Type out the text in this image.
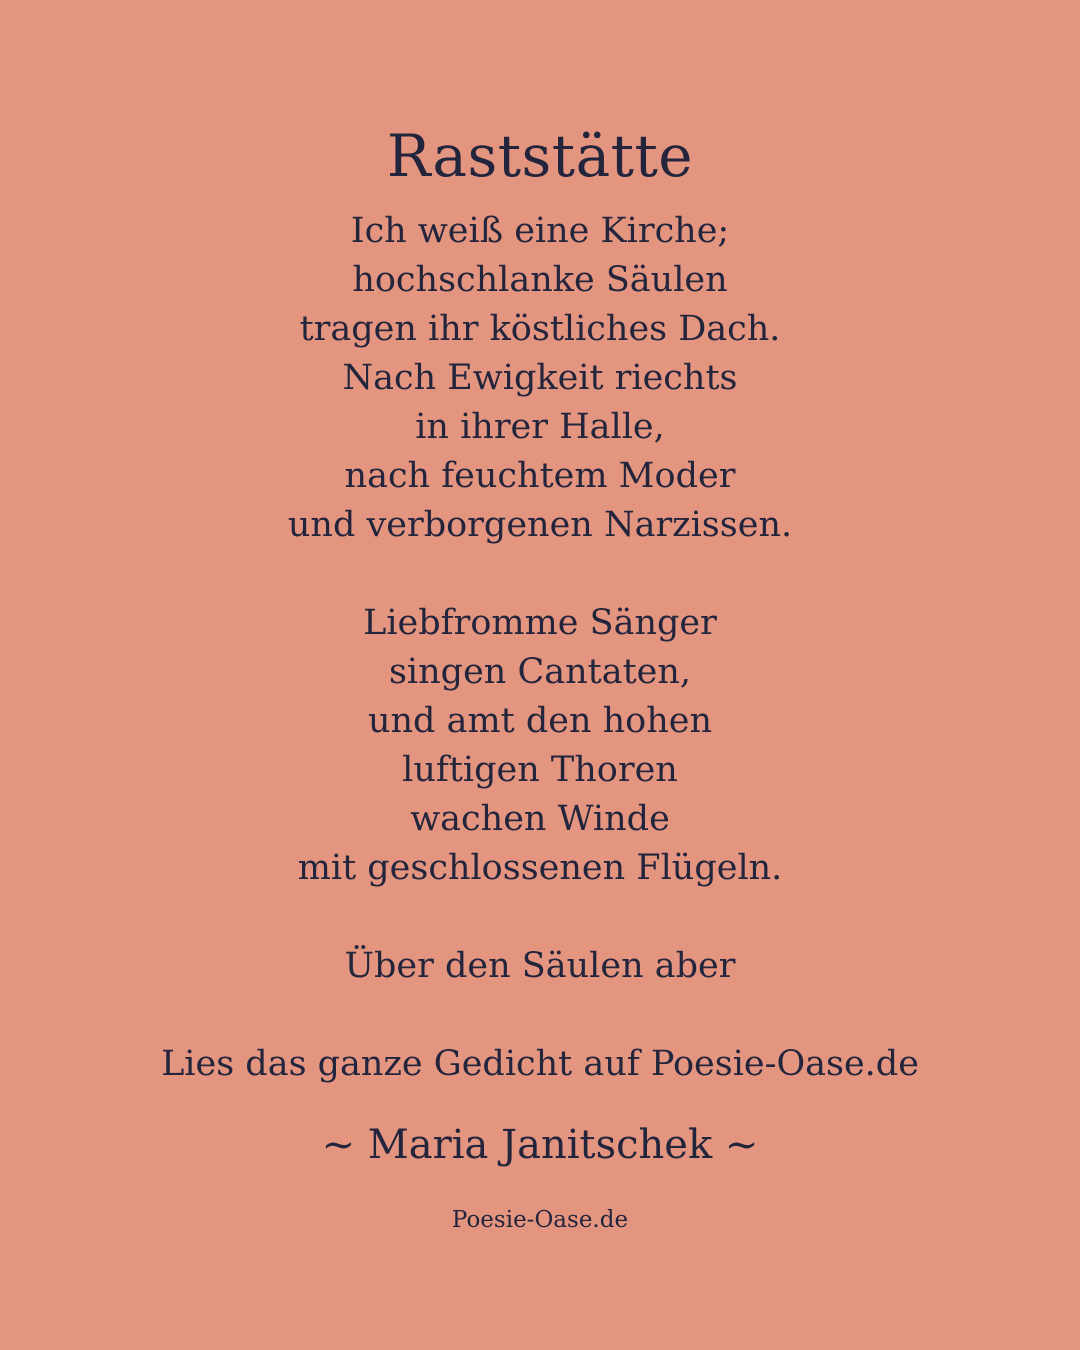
Raststätte
Ich weiß eine Kirche;
hochschlanke Säulen
tragen ihr köstliches Dach.
Nach Ewigkeit riechts
in ihrer Halle,
nach feuchtem Moder
und verborgenen Narzissen.
Liebfromme Sänger
singen Cantaten,
und amt den hohen
luftigen Thoren
wachen Winde
mit geschlossenen Flügeln.
Über den Säulen aber
Lies das ganze Gedicht auf Poesie-Oase.de
~ Maria Janitschek ~
Poesie-Oase.de
